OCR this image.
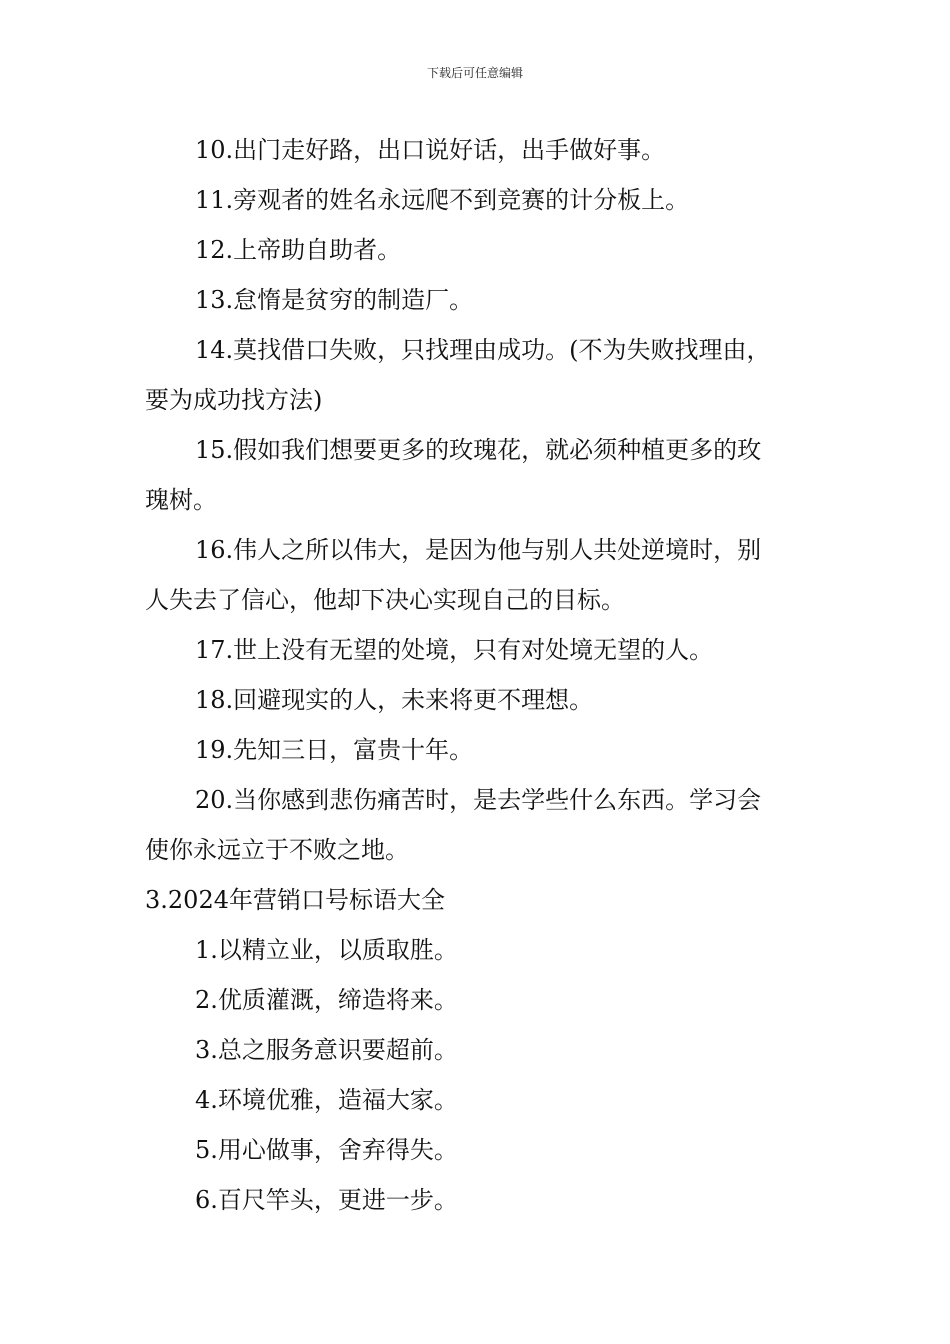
下载后可任意编辑
10.出门走好路，出口说好话，出手做好事。
11.旁观者的姓名永远爬不到竞赛的计分板上。
12.上帝助自助者。
13.怠惰是贫穷的制造厂。
14.莫找借口失败，只找理由成功。(不为失败找理由，
要为成功找方法)
15.假如我们想要更多的玫瑰花，就必须种植更多的玫
瑰树。
16.伟人之所以伟大，是因为他与别人共处逆境时，别
人失去了信心，他却下决心实现自己的目标。
17.世上没有无望的处境，只有对处境无望的人。
18.回避现实的人，未来将更不理想。
19.先知三日，富贵十年。
20.当你感到悲伤痛苦时，是去学些什么东西。学习会
使你永远立于不败之地。
3.2024年营销口号标语大全
1.以精立业，以质取胜。
2.优质灌溉，缔造将来。
3.总之服务意识要超前。
4.环境优雅，造福大家。
5.用心做事，舍弃得失。
6.百尺竿头，更进一步。
